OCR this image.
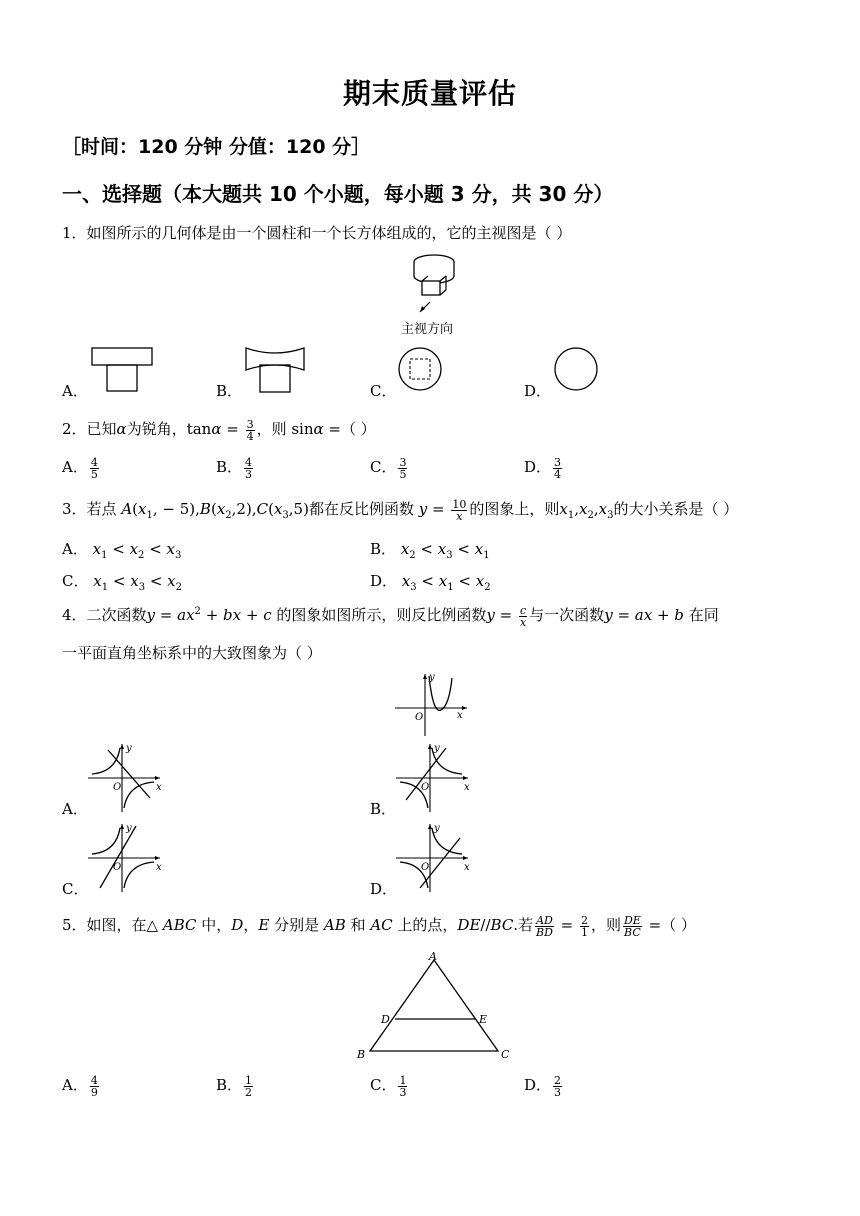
期末质量评估
［时间：120 分钟 分值：120 分］
一、选择题（本大题共 10 个小题，每小题 3 分，共 30 分）
1．如图所示的几何体是由一个圆柱和一个长方体组成的，它的主视图是（ ）
主视方向
A．	B．	C．	D．
2．已知α为锐角，$\tan\alpha = \frac{3}{4}$ ，则 sinα =（ ）
A． $\frac{4}{5}$	B． $\frac{4}{3}$	C． $\frac{3}{5}$	D． $\frac{3}{4}$
3．若点 $A(x_1$, − $5),B(x_2,2),C(x_3,5)$都在反比例函数 $y = \frac{10}{x}$ 的图象上，则$x_1,x_2,x_3$的大小关系是（ ）
A． $x_1 < x_2 < x_3$	B． $x_2 < x_3 < x_1$
C． $x_1 < x_3 < x_2$	D． $x_3 < x_1 < x_2$
4．二次函数$y = ax^2$ + bx + c 的图象如图所示，则反比例函数$y = \frac{c}{x}$ 与一次函数y = ax + b 在同
一平面直角坐标系中的大致图象为（ ）
y
x
O
A．
y
x
O
B．
y
x
O
C．
y
x
O
D．
y
x
O
5．如图，在△ ABC 中，D，E 分别是 AB 和 AC 上的点，DE//BC.若 $\frac{AD}{BD} = \frac{2}{1}$ ，则 $\frac{DE}{BC}$ =（ ）
A
B	C
D	E
A． $\frac{4}{9}$	B． $\frac{1}{2}$	C． $\frac{1}{3}$	D． $\frac{2}{3}$
